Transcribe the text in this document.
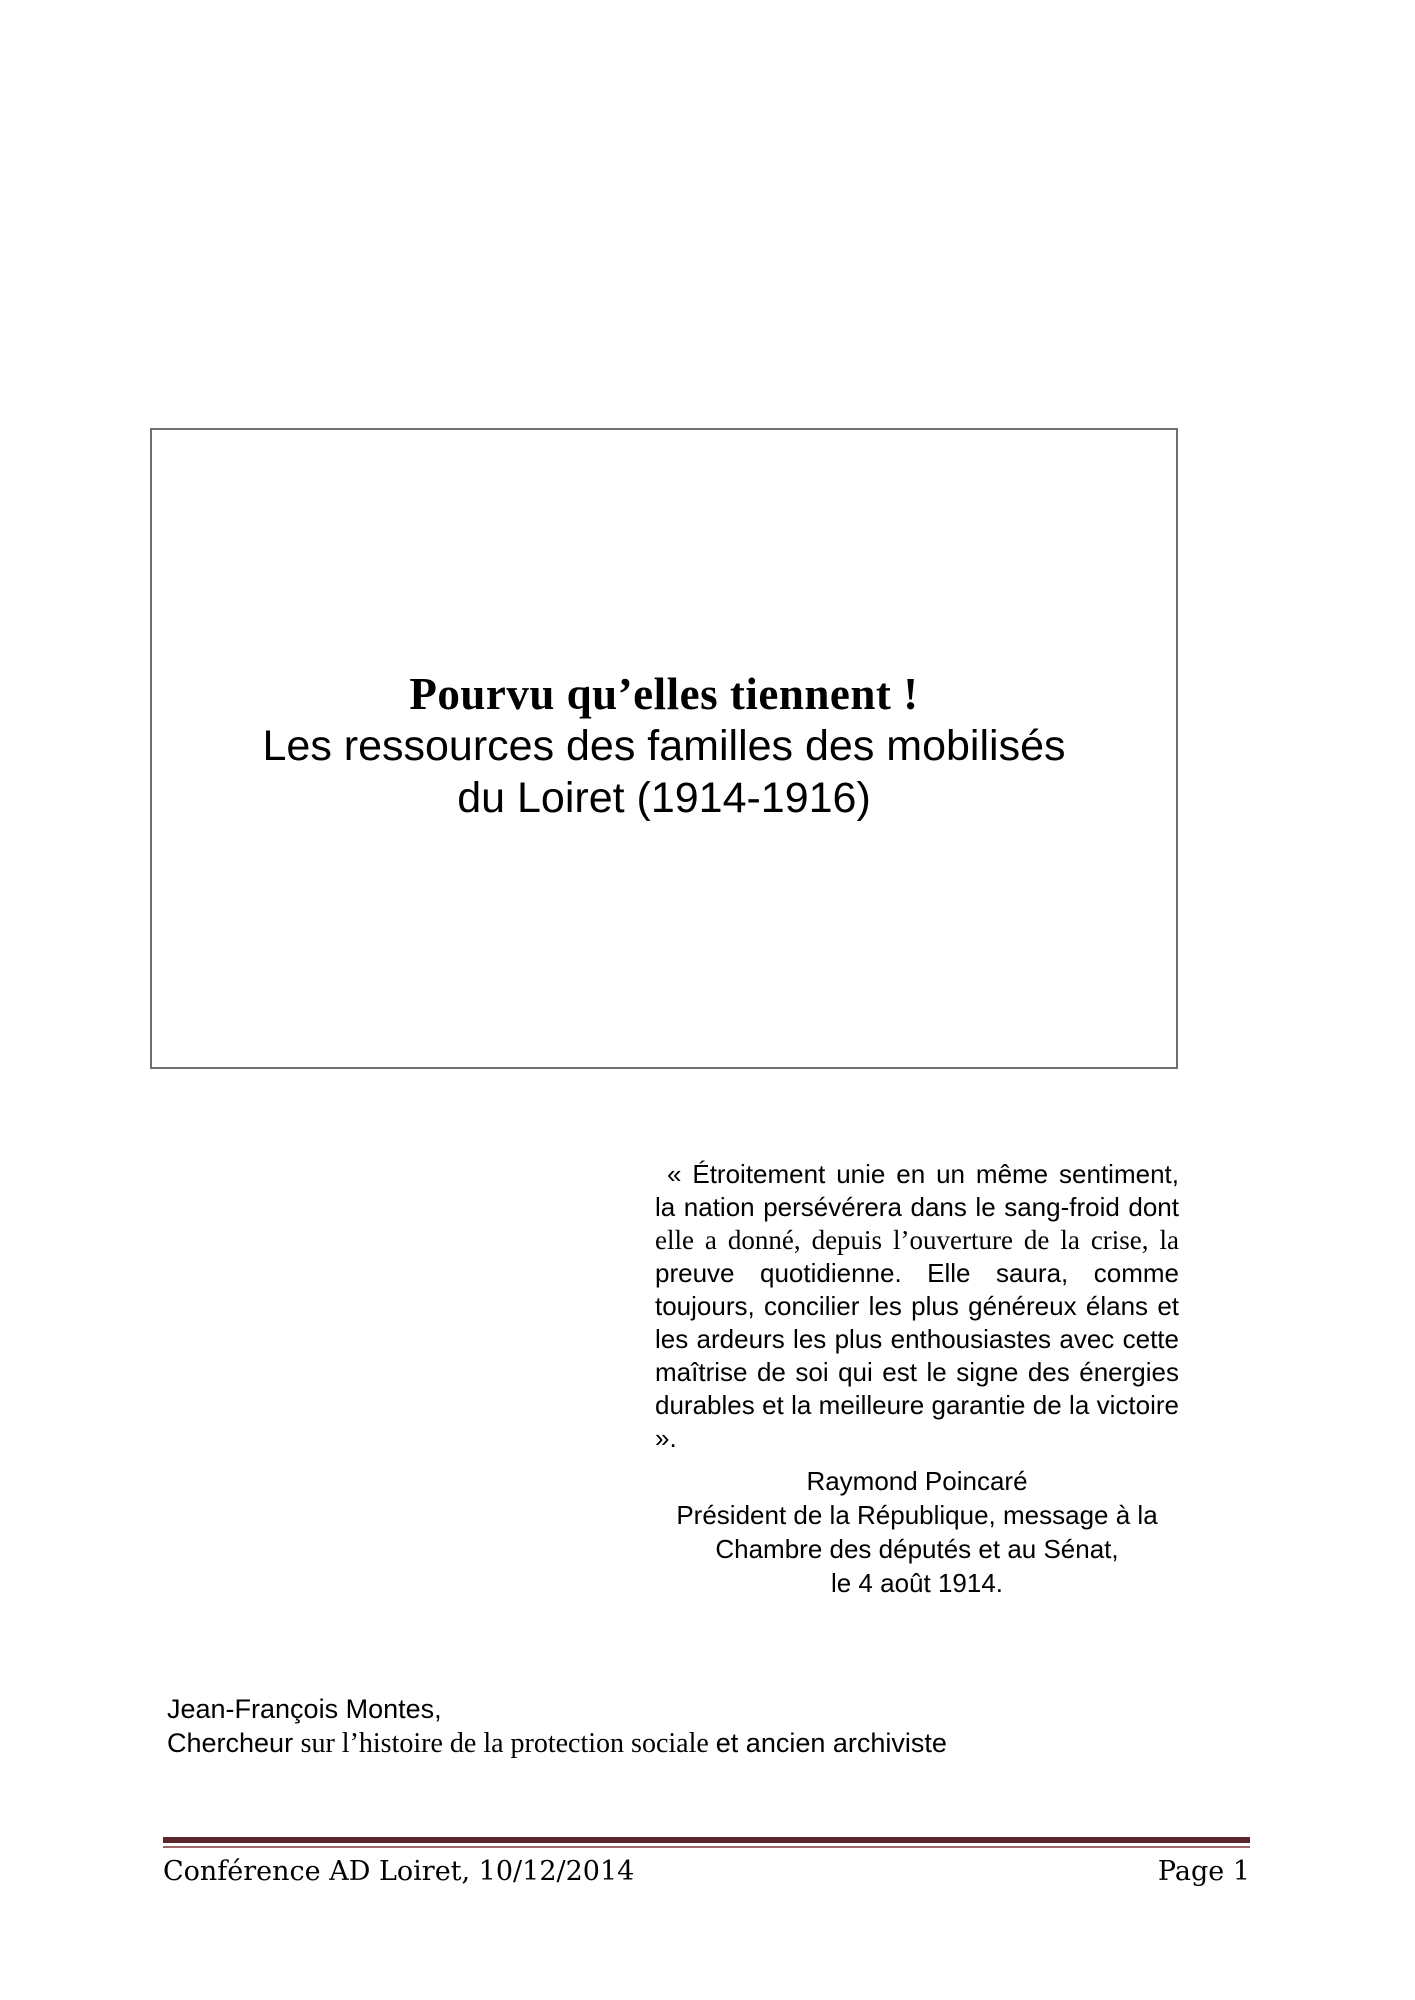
Pourvu qu’elles tiennent !
Les ressources des familles des mobilisés
du Loiret (1914-1916)

« Étroitement unie en un même sentiment, la nation persévérera dans le sang-froid dont elle a donné, depuis l’ouverture de la crise, la preuve quotidienne. Elle saura, comme toujours, concilier les plus généreux élans et les ardeurs les plus enthousiastes avec cette maîtrise de soi qui est le signe des énergies durables et la meilleure garantie de la victoire ».

Raymond Poincaré
Président de la République, message à la
Chambre des députés et au Sénat,
le 4 août 1914.
Jean-François Montes,
Chercheur sur l’histoire de la protection sociale et ancien archiviste
Conférence AD Loiret, 10/12/2014	Page 1
